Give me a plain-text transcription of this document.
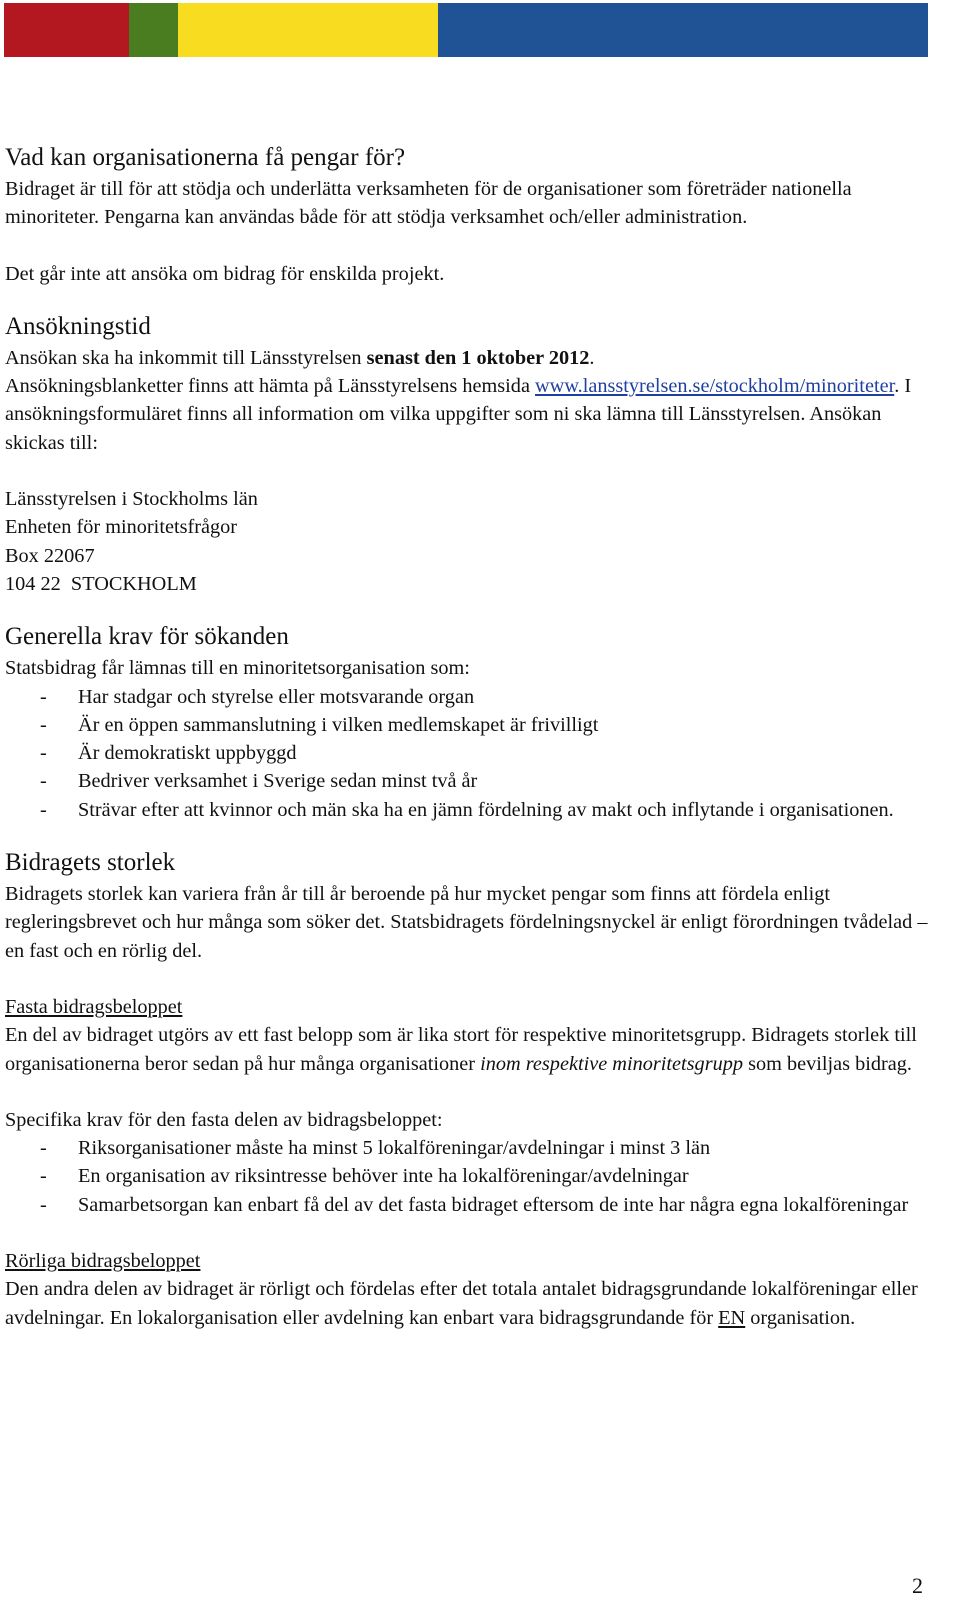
Vad kan organisationerna få pengar för?

Bidraget är till för att stödja och underlätta verksamheten för de organisationer som företräder nationella minoriteter. Pengarna kan användas både för att stödja verksamhet och/eller administration.

Det går inte att ansöka om bidrag för enskilda projekt.

Ansökningstid

Ansökan ska ha inkommit till Länsstyrelsen senast den 1 oktober 2012.

Ansökningsblanketter finns att hämta på Länsstyrelsens hemsida www.lansstyrelsen.se/stockholm/minoriteter. I ansökningsformuläret finns all information om vilka uppgifter som ni ska lämna till Länsstyrelsen. Ansökan skickas till:

Länsstyrelsen i Stockholms län

Enheten för minoritetsfrågor

Box 22067

104 22  STOCKHOLM

Generella krav för sökanden

Statsbidrag får lämnas till en minoritetsorganisation som:

- Har stadgar och styrelse eller motsvarande organ
- Är en öppen sammanslutning i vilken medlemskapet är frivilligt
- Är demokratiskt uppbyggd
- Bedriver verksamhet i Sverige sedan minst två år
- Strävar efter att kvinnor och män ska ha en jämn fördelning av makt och inflytande i organisationen.
Bidragets storlek

Bidragets storlek kan variera från år till år beroende på hur mycket pengar som finns att fördela enligt regleringsbrevet och hur många som söker det. Statsbidragets fördelningsnyckel är enligt förordningen tvådelad – en fast och en rörlig del.

Fasta bidragsbeloppet

En del av bidraget utgörs av ett fast belopp som är lika stort för respektive minoritetsgrupp. Bidragets storlek till organisationerna beror sedan på hur många organisationer inom respektive minoritetsgrupp som beviljas bidrag.

Specifika krav för den fasta delen av bidragsbeloppet:

- Riksorganisationer måste ha minst 5 lokalföreningar/avdelningar i minst 3 län
- En organisation av riksintresse behöver inte ha lokalföreningar/avdelningar
- Samarbetsorgan kan enbart få del av det fasta bidraget eftersom de inte har några egna lokalföreningar

Rörliga bidragsbeloppet

Den andra delen av bidraget är rörligt och fördelas efter det totala antalet bidragsgrundande lokalföreningar eller avdelningar. En lokalorganisation eller avdelning kan enbart vara bidragsgrundande för EN organisation.

2
